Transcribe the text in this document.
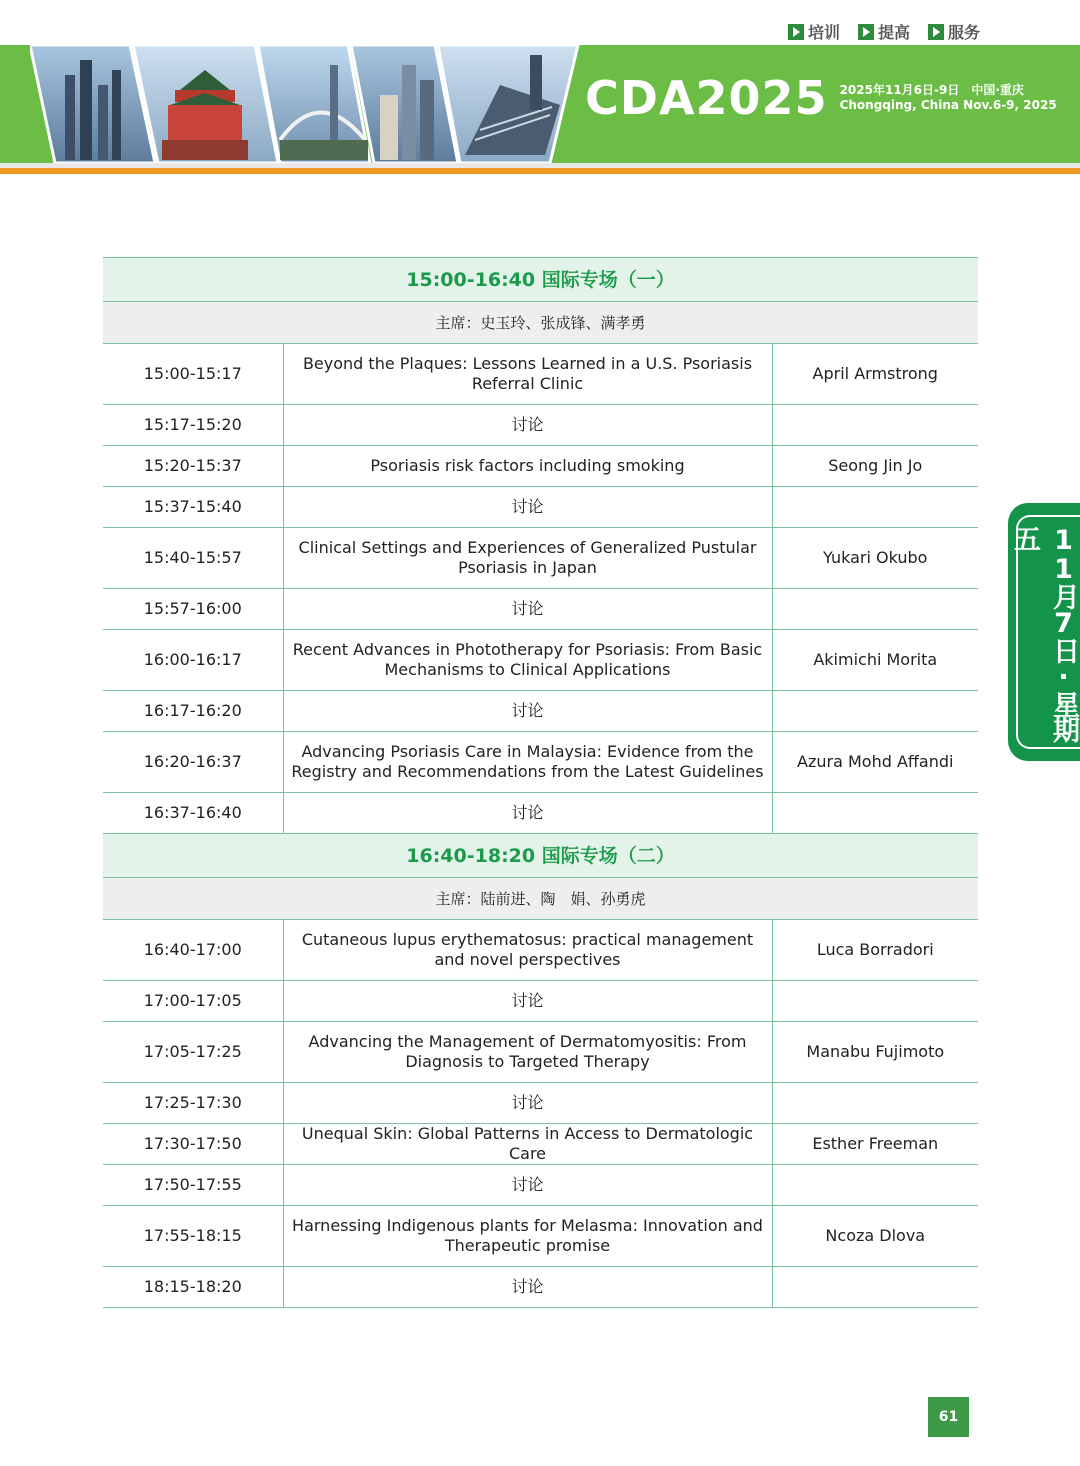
培训 提高 服务
CDA2025 2025年11月6日-9日　中国·重庆
Chongqing, China Nov.6-9, 2025
11月7日·星期五
15:00-16:40 国际专场（一）		
主席：史玉玲、张成锋、满孝勇		
15:00-15:17	Beyond the Plaques: Lessons Learned in a U.S. Psoriasis Referral Clinic	April Armstrong
15:17-15:20	讨论	
15:20-15:37	Psoriasis risk factors including smoking	Seong Jin Jo
15:37-15:40	讨论	
15:40-15:57	Clinical Settings and Experiences of Generalized Pustular Psoriasis in Japan	Yukari Okubo
15:57-16:00	讨论	
16:00-16:17	Recent Advances in Phototherapy for Psoriasis: From Basic Mechanisms to Clinical Applications	Akimichi Morita
16:17-16:20	讨论	
16:20-16:37	Advancing Psoriasis Care in Malaysia: Evidence from the Registry and Recommendations from the Latest Guidelines	Azura Mohd Affandi
16:37-16:40	讨论	
16:40-18:20 国际专场（二）		
主席：陆前进、陶　娟、孙勇虎		
16:40-17:00	Cutaneous lupus erythematosus: practical management and novel perspectives	Luca Borradori
17:00-17:05	讨论	
17:05-17:25	Advancing the Management of Dermatomyositis: From Diagnosis to Targeted Therapy	Manabu Fujimoto
17:25-17:30	讨论	
17:30-17:50	Unequal Skin: Global Patterns in Access to Dermatologic Care	Esther Freeman
17:50-17:55	讨论	
17:55-18:15	Harnessing Indigenous plants for Melasma: Innovation and Therapeutic promise	Ncoza Dlova
18:15-18:20	讨论	
61
